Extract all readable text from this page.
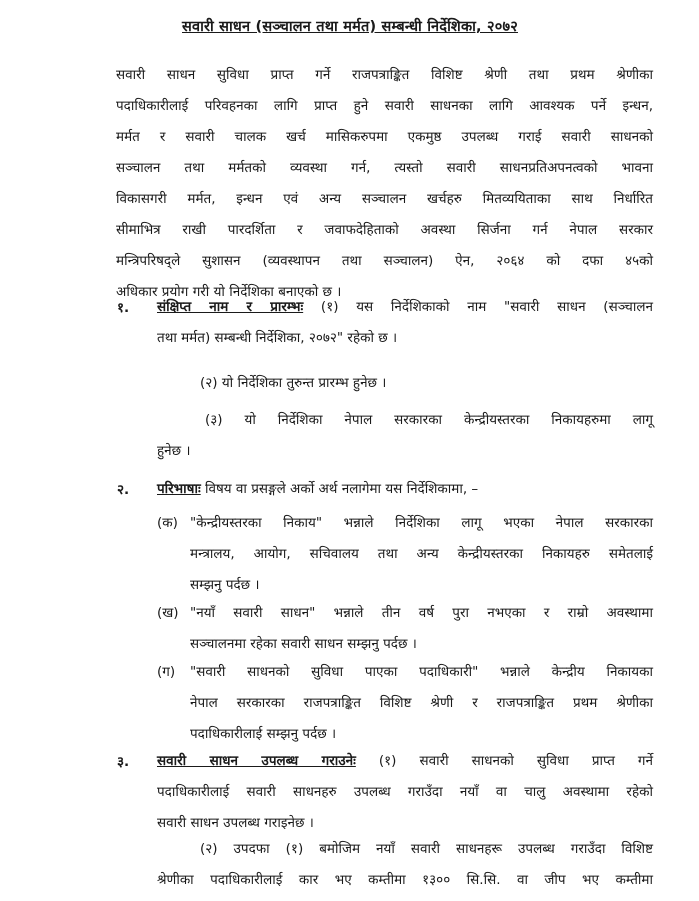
सवारी साधन (सञ्चालन तथा मर्मत) सम्बन्धी निर्देशिका, २०७२
सवारी साधन सुविधा प्राप्त गर्ने राजपत्राङ्कित विशिष्ट श्रेणी तथा प्रथम श्रेणीका
पदाधिकारीलाई परिवहनका लागि प्राप्त हुने सवारी साधनका लागि आवश्यक पर्ने इन्धन,
मर्मत र सवारी चालक खर्च मासिकरुपमा एकमुष्ठ उपलब्ध गराई सवारी साधनको
सञ्चालन तथा मर्मतको व्यवस्था गर्न, त्यस्तो सवारी साधनप्रतिअपनत्वको भावना
विकासगरी मर्मत, इन्धन एवं अन्य सञ्चालन खर्चहरु मितव्ययिताका साथ निर्धारित
सीमाभित्र राखी पारदर्शिता र जवाफदेहिताको अवस्था सिर्जना गर्न नेपाल सरकार
मन्त्रिपरिषद्ले सुशासन (व्यवस्थापन तथा सञ्चालन) ऐन, २०६४ को दफा ४५को
अधिकार प्रयोग गरी यो निर्देशिका बनाएको छ ।
१. संक्षिप्त नाम र प्रारम्भः (१) यस निर्देशिकाको नाम "सवारी साधन (सञ्चालन
तथा मर्मत) सम्बन्धी निर्देशिका, २०७२" रहेको छ ।
(२) यो निर्देशिका तुरुन्त प्रारम्भ हुनेछ ।
(३) यो निर्देशिका नेपाल सरकारका केन्द्रीयस्तरका निकायहरुमा लागू
हुनेछ ।
२. परिभाषाः विषय वा प्रसङ्गले अर्को अर्थ नलागेमा यस निर्देशिकामा, –
(क) "केन्द्रीयस्तरका निकाय" भन्नाले निर्देशिका लागू भएका नेपाल सरकारका
मन्त्रालय, आयोग, सचिवालय तथा अन्य केन्द्रीयस्तरका निकायहरु समेतलाई
सम्झनु पर्दछ ।
(ख) "नयाँ सवारी साधन" भन्नाले तीन वर्ष पुरा नभएका र राम्रो अवस्थामा
सञ्चालनमा रहेका सवारी साधन सम्झनु पर्दछ ।
(ग) "सवारी साधनको सुविधा पाएका पदाधिकारी" भन्नाले केन्द्रीय निकायका
नेपाल सरकारका राजपत्राङ्कित विशिष्ट श्रेणी र राजपत्राङ्कित प्रथम श्रेणीका
पदाधिकारीलाई सम्झनु पर्दछ ।
३. सवारी साधन उपलब्ध गराउनेः (१) सवारी साधनको सुविधा प्राप्त गर्ने
पदाधिकारीलाई सवारी साधनहरु उपलब्ध गराउँदा नयाँ वा चालु अवस्थामा रहेको
सवारी साधन उपलब्ध गराइनेछ ।
(२) उपदफा (१) बमोजिम नयाँ सवारी साधनहरू उपलब्ध गराउँदा विशिष्ट
श्रेणीका पदाधिकारीलाई कार भए कम्तीमा १३०० सि.सि. वा जीप भए कम्तीमा
